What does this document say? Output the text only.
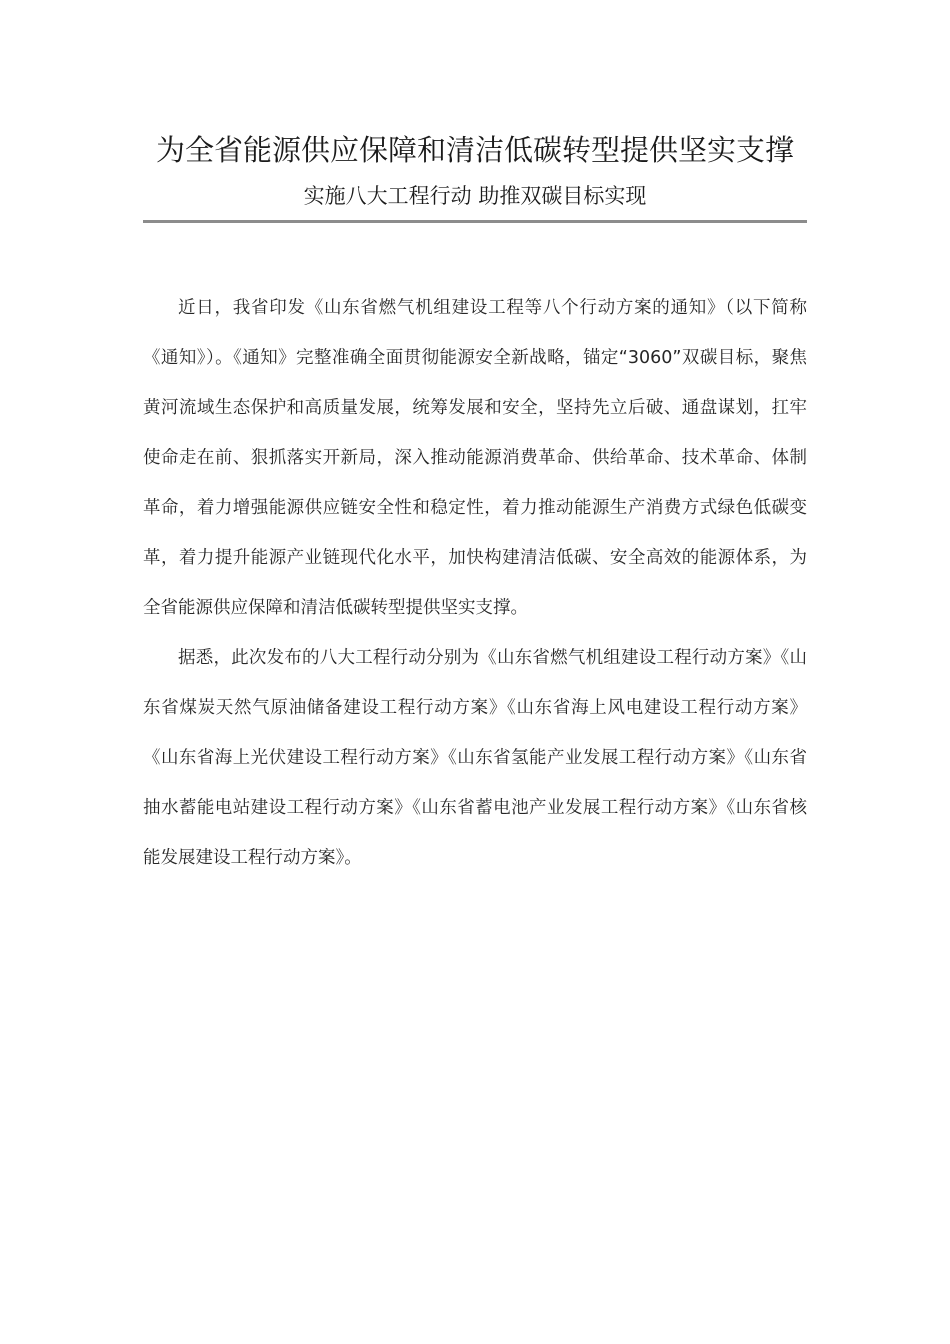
为全省能源供应保障和清洁低碳转型提供坚实支撑
实施八大工程行动 助推双碳目标实现

近日，我省印发《山东省燃气机组建设工程等八个行动方案的通知》（以下简称《通知》）。《通知》完整准确全面贯彻能源安全新战略，锚定“3060”双碳目标，聚焦黄河流域生态保护和高质量发展，统筹发展和安全，坚持先立后破、通盘谋划，扛牢使命走在前、狠抓落实开新局，深入推动能源消费革命、供给革命、技术革命、体制革命，着力增强能源供应链安全性和稳定性，着力推动能源生产消费方式绿色低碳变革，着力提升能源产业链现代化水平，加快构建清洁低碳、安全高效的能源体系，为全省能源供应保障和清洁低碳转型提供坚实支撑。

据悉，此次发布的八大工程行动分别为《山东省燃气机组建设工程行动方案》《山东省煤炭天然气原油储备建设工程行动方案》《山东省海上风电建设工程行动方案》《山东省海上光伏建设工程行动方案》《山东省氢能产业发展工程行动方案》《山东省抽水蓄能电站建设工程行动方案》《山东省蓄电池产业发展工程行动方案》《山东省核能发展建设工程行动方案》。
